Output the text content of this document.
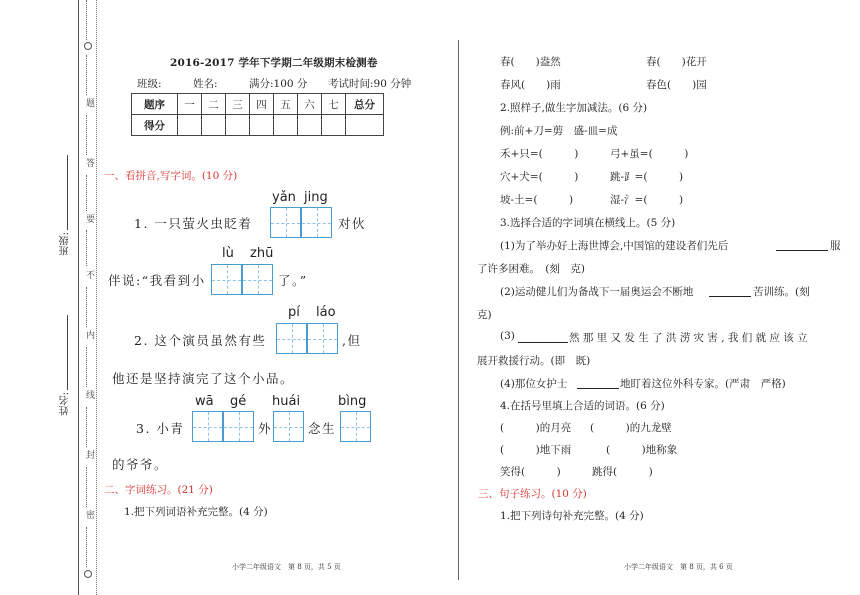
题
答
要
不
内
线
封
密
班级:
姓名:
2016-2017 学年下学期二年级期末检测卷
班级:	姓名:	满分:100 分 考试时间:90 分钟
题序	一	二	三	四	五	六	七	总分
得分								
一、看拼音,写字词。(10 分)
yǎn jing
1. 一只萤火虫眨着	对伙
lù zhū
伴说:“我看到小	了。”
pí láo
2. 这个演员虽然有些	,但
他还是坚持演完了这个小品。
wā gé huái	bìng
3. 小青	外	念生
的爷爷。
二、字词练习。(21 分)
1.把下列词语补充完整。(4 分)
小学二年级语文　第 8 页，共 5 页
春(　　)盎然	春(　　)花开
春风(　　)雨	春色(　　)园
2.照样子,做生字加减法。(6 分)
例:前+刀=剪　盛-皿=成
禾+只=(　　　)	弓+虽=(　　　)
穴+犬=(　　　)	跳-⻊=(　　　)
坡-土=(　　　)	湿-氵=(　　　)
3.选择合适的字词填在横线上。(5 分)
(1)为了举办好上海世博会,中国馆的建设者们先后	服
了许多困难。　(刻　克)
(2)运动健儿们为备战下一届奥运会不断地	苦训练。(刻
克)
(3)	然 那 里 又 发 生 了 洪 涝 灾 害 , 我 们 就 应 该 立
展开救援行动。(即　既)
(4)那位女护士	地盯着这位外科专家。(严肃　严格)
4.在括号里填上合适的词语。(6 分)
(　　　)的月亮 (　　　)的九龙壁
(　　　)地下雨	(　　　)地称象
笑得(　　　)	跳得(　　　)
三、句子练习。(10 分)
1.把下列诗句补充完整。(4 分)
小学二年级语文　第 8 页，共 6 页
